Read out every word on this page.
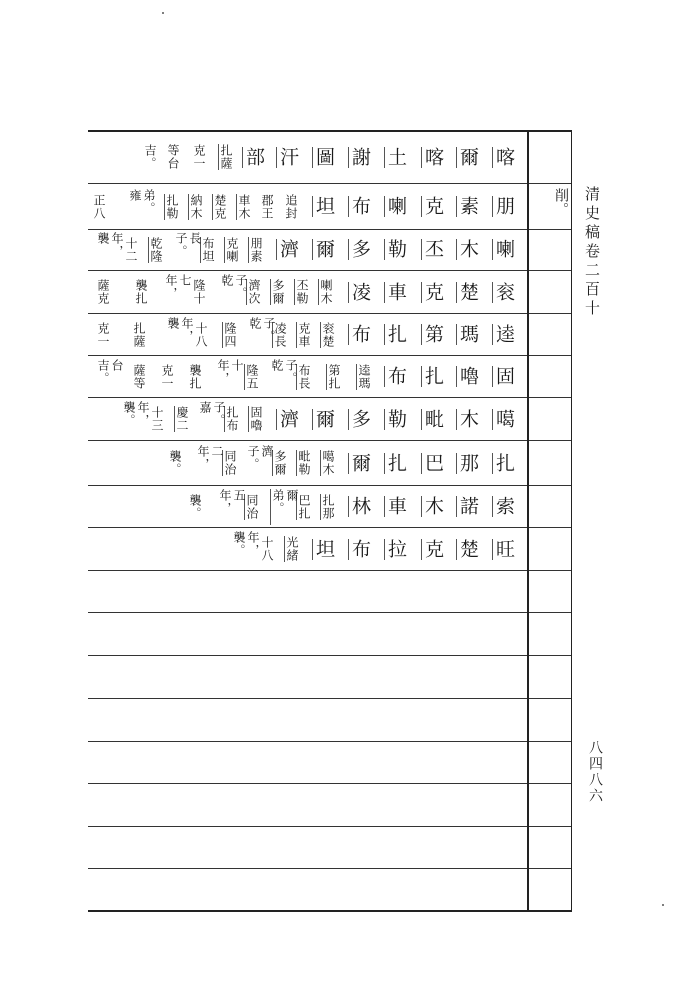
喀
爾
喀
土
謝
圖
汗
部
扎薩
克一
等台
吉。
朋
素
克
喇
布
坦
追封
郡王
車木
楚克
納木
扎勒
弟。雍
正八
喇
木
丕
勒
多
爾
濟
朋素
克喇
布坦
長子。
乾隆
十二
年，襲
衮
楚
克
車
凌
喇木
丕勒
多爾
濟次
子。乾
隆十
七年，
襲扎
薩克
逵
瑪
第
扎
布
衮楚
克車
凌長
子。乾
隆四
十八
年，襲
扎薩
克一
固
嚕
扎
布
逵瑪
第扎
布長
子。乾
隆五
十年，
襲扎
克一
薩等
台吉。
噶
木
毗
勒
多
爾
濟
固嚕
扎布
子。嘉
慶二
十三
年，襲。
扎
那
巴
扎
爾
噶木
毗勒
多爾
濟子。
同治
二年，
襲。
索
諾
木
車
林
扎那
巴扎
爾弟。
同治
五年，
襲。
旺
楚
克
拉
布
坦
光緒
十八
年，襲。
削。 清史稿卷二百十
八四八六
